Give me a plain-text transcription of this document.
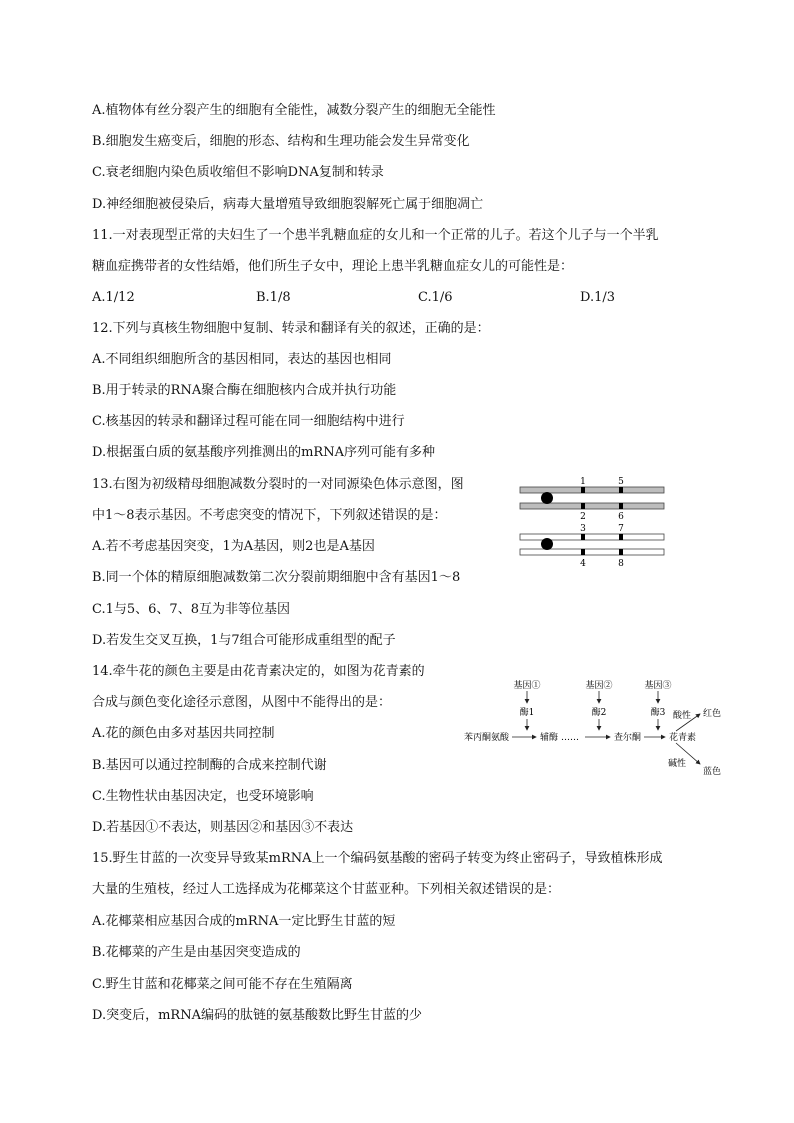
A.植物体有丝分裂产生的细胞有全能性，减数分裂产生的细胞无全能性
B.细胞发生癌变后，细胞的形态、结构和生理功能会发生异常变化
C.衰老细胞内染色质收缩但不影响DNA复制和转录
D.神经细胞被侵染后，病毒大量增殖导致细胞裂解死亡属于细胞凋亡
11.一对表现型正常的夫妇生了一个患半乳糖血症的女儿和一个正常的儿子。若这个儿子与一个半乳
糖血症携带者的女性结婚，他们所生子女中，理论上患半乳糖血症女儿的可能性是：
A.1/12	B.1/8	C.1/6	D.1/3
12.下列与真核生物细胞中复制、转录和翻译有关的叙述，正确的是：
A.不同组织细胞所含的基因相同，表达的基因也相同
B.用于转录的RNA聚合酶在细胞核内合成并执行功能
C.核基因的转录和翻译过程可能在同一细胞结构中进行
D.根据蛋白质的氨基酸序列推测出的mRNA序列可能有多种
13.右图为初级精母细胞减数分裂时的一对同源染色体示意图，图
中1～8表示基因。不考虑突变的情况下，下列叙述错误的是：
A.若不考虑基因突变，1为A基因，则2也是A基因
B.同一个体的精原细胞减数第二次分裂前期细胞中含有基因1～8
C.1与5、6、7、8互为非等位基因
D.若发生交叉互换，1与7组合可能形成重组型的配子
1	5
2	6
3	7
4	8
14.牵牛花的颜色主要是由花青素决定的，如图为花青素的
合成与颜色变化途径示意图，从图中不能得出的是：
A.花的颜色由多对基因共同控制
B.基因可以通过控制酶的合成来控制代谢
C.生物性状由基因决定，也受环境影响
D.若基因①不表达，则基因②和基因③不表达
基因①	基因②	基因③
酶1	酶2	酶3
苯丙酮氨酸	辅酶 ……	查尔酮	花青素
酸性 红色
碱性
蓝色
15.野生甘蓝的一次变异导致某mRNA上一个编码氨基酸的密码子转变为终止密码子，导致植株形成
大量的生殖枝，经过人工选择成为花椰菜这个甘蓝亚种。下列相关叙述错误的是：
A.花椰菜相应基因合成的mRNA一定比野生甘蓝的短
B.花椰菜的产生是由基因突变造成的
C.野生甘蓝和花椰菜之间可能不存在生殖隔离
D.突变后，mRNA编码的肽链的氨基酸数比野生甘蓝的少
